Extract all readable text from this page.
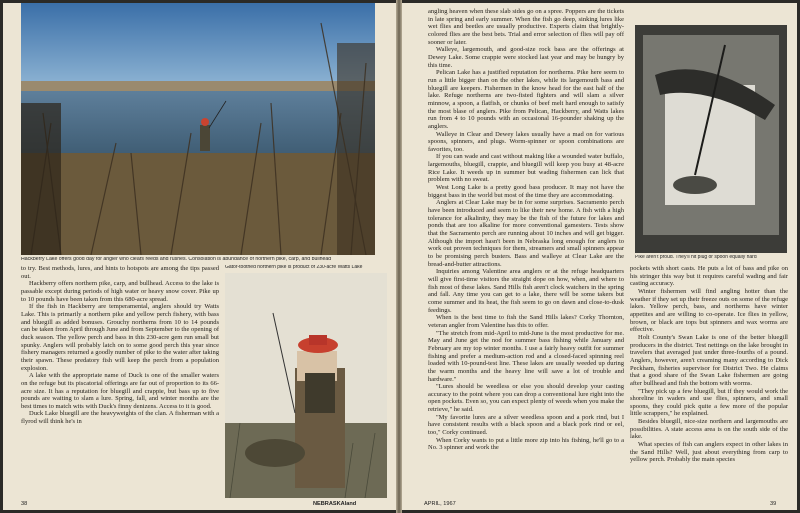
Hackberry Lake offers good day for angler who clears reeds and rushes. Consolation is abundance of northern pike, carp, and bullhead

to try. Best methods, lures, and hints to hotspots are among the tips passed out.

Hackberry offers northern pike, carp, and bullhead. Access to the lake is passable except during periods of high water or heavy snow cover. Pike up to 10 pounds have been taken from this 680-acre spread.

If the fish in Hackberry are temperamental, anglers should try Watts Lake. This is primarily a northern pike and yellow perch fishery, with bass and bluegill as added bonuses. Grouchy northerns from 10 to 14 pounds can be taken from April through June and from September to the opening of duck season. The yellow perch and bass in this 230-acre gem run small but spunky. Anglers will probably latch on to some good perch this year since fishery managers returned a goodly number of pike to the water after taking their spawn. These predatory fish will keep the perch from a population explosion.

A lake with the appropriate name of Duck is one of the smaller waters on the refuge but its piscatorial offerings are far out of proportion to its 66-acre size. It has a reputation for bluegill and crappie, but bass up to five pounds are waiting to slam a lure. Spring, fall, and winter months are the best times to match wits with Duck's finny denizens. Access to it is good.

Duck Lake bluegill are the heavyweights of the clan. A fisherman with a flyrod will think he's in

Gator-toothed northern pike is product of 230-acre Watts Lake
38	NEBRASKAland

angling heaven when these slab sides go on a spree. Poppers are the tickets in late spring and early summer. When the fish go deep, sinking lures like wet flies and beetles are usually productive. Experts claim that brightly-colored flies are the best bets. Trial and error selection of flies will pay off sooner or later.

Walleye, largemouth, and good-size rock bass are the offerings at Dewey Lake. Some crappie were stocked last year and may be hungry by this time.

Pelican Lake has a justified reputation for northerns. Pike here seem to run a little bigger than on the other lakes, while its largemouth bass and bluegill are keepers. Fishermen in the know head for the east half of the lake. Refuge northerns are two-fisted fighters and will slam a silver minnow, a spoon, a flatfish, or chunks of beef melt hard enough to satisfy the most blase of anglers. Pike from Pelican, Hackberry, and Watts lakes run from 4 to 10 pounds with an occasional 16-pounder shaking up the anglers.

Walleye in Clear and Dewey lakes usually have a mad on for various spoons, spinners, and plugs. Worm-spinner or spoon combinations are favorites, too.

If you can wade and cast without making like a wounded water buffalo, largemouths, bluegill, crappie, and bluegill will keep you busy at 48-acre Rice Lake. It weeds up in summer but wading fishermen can lick that problem with no sweat.

West Long Lake is a pretty good bass producer. It may not have the biggest bass in the world but most of the time they are accommodating.

Anglers at Clear Lake may be in for some surprises. Sacramento perch have been introduced and seem to like their new home. A fish with a high tolerance for alkalinity, they may be the fish of the future for lakes and ponds that are too alkaline for more conventional gamesters. Tests show that the Sacramento perch are running about 10 inches and will get bigger. Although the import hasn't been in Nebraska long enough for anglers to work out proven techniques for them, streamers and small spinners appear to be promising perch busters. Bass and walleye at Clear Lake are the bread-and-butter attractions.

Inquiries among Valentine area anglers or at the refuge headquarters will give first-time visitors the straight dope on how, when, and where to fish most of these lakes. Sand Hills fish aren't clock watchers in the spring and fall. Any time you can get to a lake, there will be some takers but come summer and its heat, the fish seem to go on dawn and close-to-dusk feedings.

When is the best time to fish the Sand Hills lakes? Corky Thornton, veteran angler from Valentine has this to offer.

"The stretch from mid-April to mid-June is the most productive for me. May and June get the nod for summer bass fishing while January and February are my top winter months. I use a fairly heavy outfit for summer fishing and prefer a medium-action rod and a closed-faced spinning reel loaded with 10-pound-test line. These lakes are usually weeded up during the warm months and the heavy line will save a lot of trouble and hardware."

"Lures should be weedless or else you should develop your casting accuracy to the point where you can drop a conventional lure right into the open pockets. Even so, you can expect plenty of weeds when you make the retrieve," he said.

"My favorite lures are a silver weedless spoon and a pork rind, but I have consistent results with a black spoon and a black pork rind or eel, too," Corky continued.

When Corky wants to put a little more zip into his fishing, he'll go to a No. 3 spinner and work the

Pike aren't proud. They'll hit plug or spoon equally hard

pockets with short casts. He puts a lot of bass and pike on his stringer this way but it requires careful wading and fair casting accuracy.

Winter fishermen will find angling hotter than the weather if they set up their freeze outs on some of the refuge lakes. Yellow perch, bass, and northerns have winter appetites and are willing to co-operate. Ice flies in yellow, brown, or black are tops but spinners and wax worms are effective.

Holt County's Swan Lake is one of the better bluegill producers in the district. Test nettings on the lake brought in travelers that averaged just under three-fourths of a pound. Anglers, however, aren't creaming many according to Dick Peckham, fisheries supervisor for District Two. He claims that a good share of the Swan Lake fishermen are going after bullhead and fish the bottom with worms.

"They pick up a few bluegill, but if they would work the shoreline in waders and use flies, spinners, and small spoons, they could pick quite a few more of the popular little scrappers," he explained.

Besides bluegill, nice-size northern and largemouths are possibilities. A state access area is on the south side of the lake.

What species of fish can anglers expect in other lakes in the Sand Hills? Well, just about everything from carp to yellow perch. Probably the main species

APRIL, 1967	39
